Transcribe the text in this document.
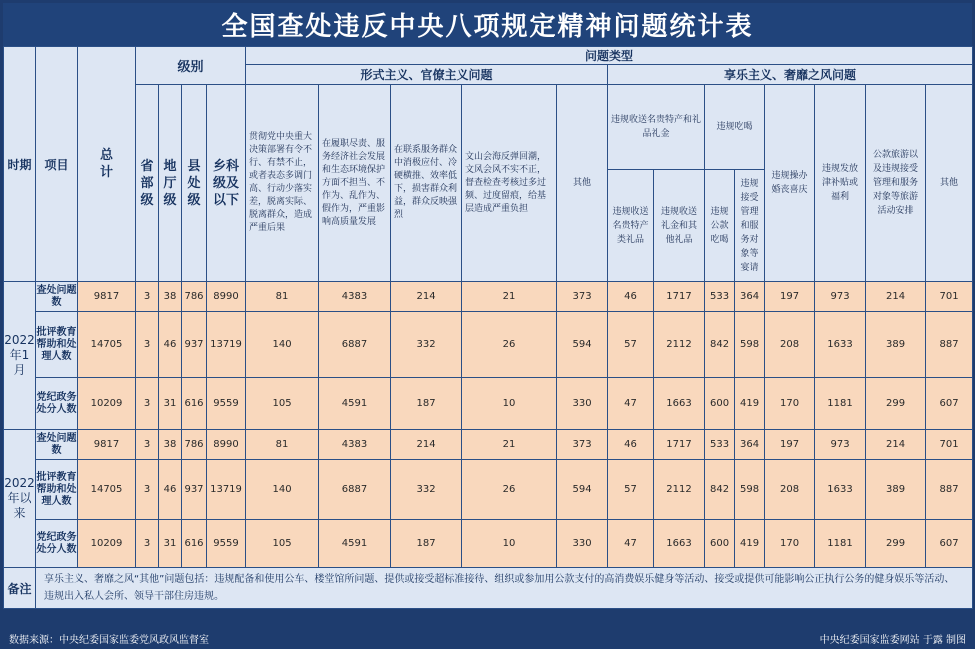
全国查处违反中央八项规定精神问题统计表
时期	项目	总计	级别				问题类型												
							形式主义、官僚主义问题					享乐主义、奢靡之风问题							
			省部级	地厅级	县处级	乡科级及以下	贯彻党中央重大决策部署有令不行、有禁不止，或者表态多调门高、行动少落实差，脱离实际、脱离群众，造成严重后果	在履职尽责、服务经济社会发展和生态环境保护方面不担当、不作为、乱作为、假作为，严重影响高质量发展	在联系服务群众中消极应付、冷硬横推、效率低下，损害群众利益，群众反映强烈	文山会海反弹回潮，文风会风不实不正，督查检查考核过多过频、过度留痕，给基层造成严重负担	其他	违规收送名贵特产和礼品礼金		违规吃喝		违规操办婚丧喜庆	违规发放津补贴或福利	公款旅游以及违规接受管理和服务对象等旅游活动安排	其他
												违规收送名贵特产类礼品	违规收送礼金和其他礼品	违规公款吃喝	违规接受管理和服务对象等宴请				
2022年1月	查处问题数	9817	3	38	786	8990	81	4383	214	21	373	46	1717	533	364	197	973	214	701
	批评教育帮助和处理人数	14705	3	46	937	13719	140	6887	332	26	594	57	2112	842	598	208	1633	389	887
	党纪政务处分人数	10209	3	31	616	9559	105	4591	187	10	330	47	1663	600	419	170	1181	299	607
2022年以来	查处问题数	9817	3	38	786	8990	81	4383	214	21	373	46	1717	533	364	197	973	214	701
	批评教育帮助和处理人数	14705	3	46	937	13719	140	6887	332	26	594	57	2112	842	598	208	1633	389	887
	党纪政务处分人数	10209	3	31	616	9559	105	4591	187	10	330	47	1663	600	419	170	1181	299	607
备注	享乐主义、奢靡之风“其他”问题包括：违规配备和使用公车、楼堂馆所问题、提供或接受超标准接待、组织或参加用公款支付的高消费娱乐健身等活动、接受或提供可能影响公正执行公务的健身娱乐等活动、违规出入私人会所、领导干部住房违规。																		
数据来源：中央纪委国家监委党风政风监督室	中央纪委国家监委网站 于露 制图
